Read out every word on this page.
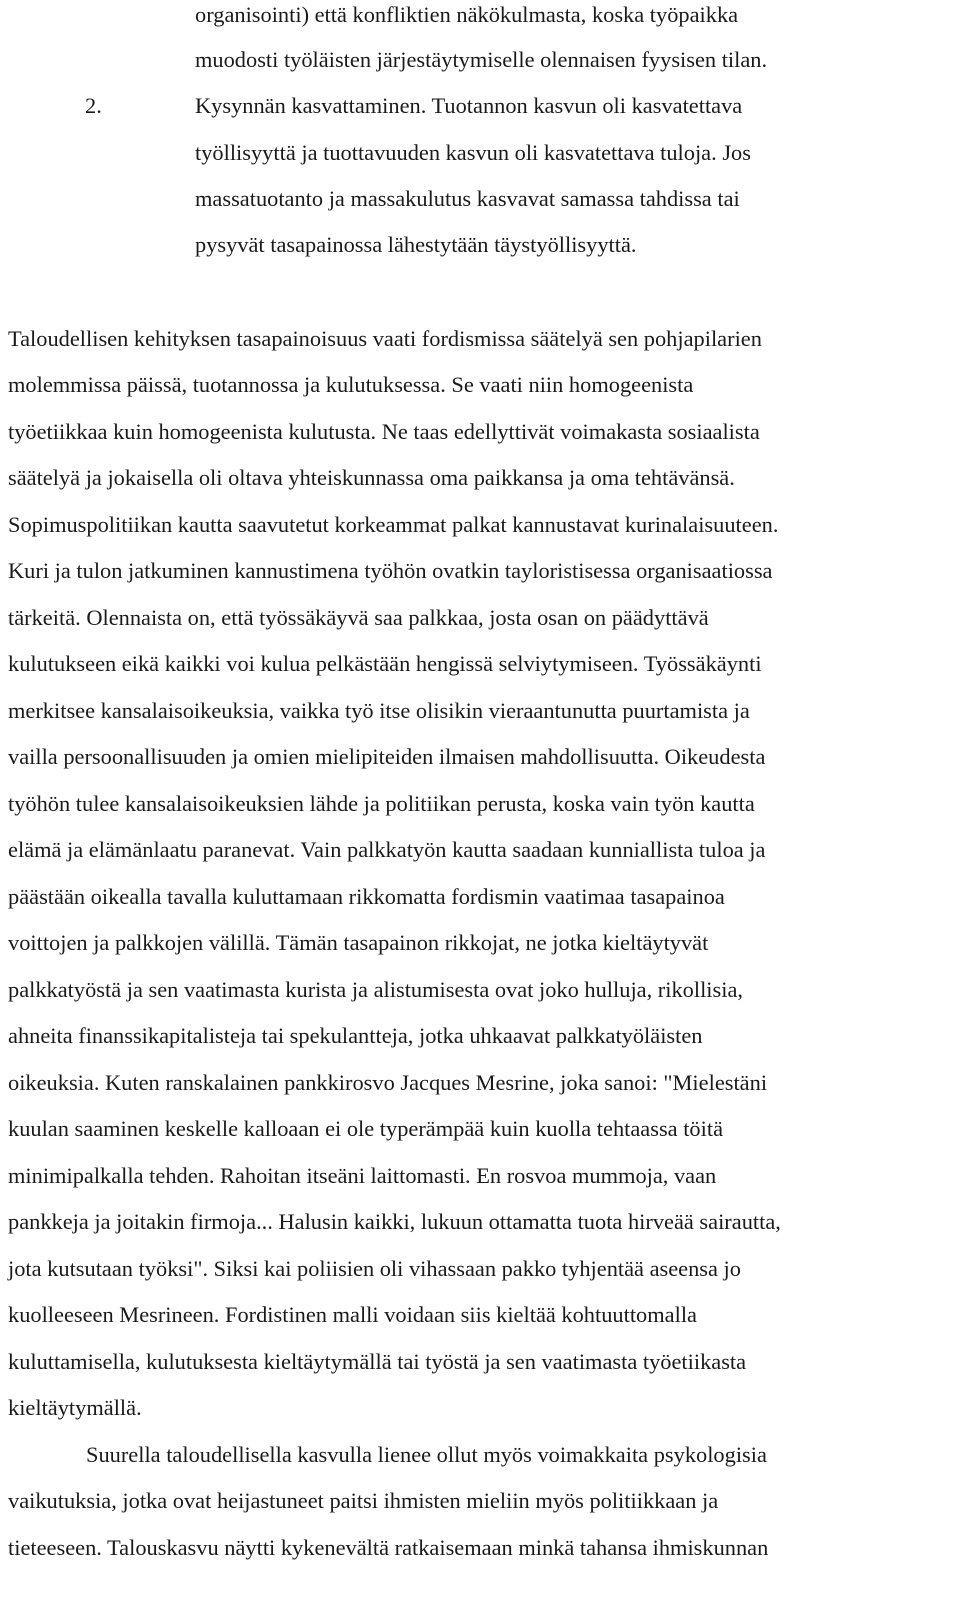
organisointi) että konfliktien näkökulmasta, koska työpaikka
muodosti työläisten järjestäytymiselle olennaisen fyysisen tilan.
2.	Kysynnän kasvattaminen. Tuotannon kasvun oli kasvatettava
työllisyyttä ja tuottavuuden kasvun oli kasvatettava tuloja. Jos
massatuotanto ja massakulutus kasvavat samassa tahdissa tai
pysyvät tasapainossa lähestytään täystyöllisyyttä.
Taloudellisen kehityksen tasapainoisuus vaati fordismissa säätelyä sen pohjapilarien
molemmissa päissä, tuotannossa ja kulutuksessa. Se vaati niin homogeenista
työetiikkaa kuin homogeenista kulutusta. Ne taas edellyttivät voimakasta sosiaalista
säätelyä ja jokaisella oli oltava yhteiskunnassa oma paikkansa ja oma tehtävänsä.
Sopimuspolitiikan kautta saavutetut korkeammat palkat kannustavat kurinalaisuuteen.
Kuri ja tulon jatkuminen kannustimena työhön ovatkin tayloristisessa organisaatiossa
tärkeitä. Olennaista on, että työssäkäyvä saa palkkaa, josta osan on päädyttävä
kulutukseen eikä kaikki voi kulua pelkästään hengissä selviytymiseen. Työssäkäynti
merkitsee kansalaisoikeuksia, vaikka työ itse olisikin vieraantunutta puurtamista ja
vailla persoonallisuuden ja omien mielipiteiden ilmaisen mahdollisuutta. Oikeudesta
työhön tulee kansalaisoikeuksien lähde ja politiikan perusta, koska vain työn kautta
elämä ja elämänlaatu paranevat. Vain palkkatyön kautta saadaan kunniallista tuloa ja
päästään oikealla tavalla kuluttamaan rikkomatta fordismin vaatimaa tasapainoa
voittojen ja palkkojen välillä. Tämän tasapainon rikkojat, ne jotka kieltäytyvät
palkkatyöstä ja sen vaatimasta kurista ja alistumisesta ovat joko hulluja, rikollisia,
ahneita finanssikapitalisteja tai spekulantteja, jotka uhkaavat palkkatyöläisten
oikeuksia. Kuten ranskalainen pankkirosvo Jacques Mesrine, joka sanoi: "Mielestäni
kuulan saaminen keskelle kalloaan ei ole typerämpää kuin kuolla tehtaassa töitä
minimipalkalla tehden. Rahoitan itseäni laittomasti. En rosvoa mummoja, vaan
pankkeja ja joitakin firmoja... Halusin kaikki, lukuun ottamatta tuota hirveää sairautta,
jota kutsutaan työksi". Siksi kai poliisien oli vihassaan pakko tyhjentää aseensa jo
kuolleeseen Mesrineen. Fordistinen malli voidaan siis kieltää kohtuuttomalla
kuluttamisella, kulutuksesta kieltäytymällä tai työstä ja sen vaatimasta työetiikasta
kieltäytymällä.
Suurella taloudellisella kasvulla lienee ollut myös voimakkaita psykologisia
vaikutuksia, jotka ovat heijastuneet paitsi ihmisten mieliin myös politiikkaan ja
tieteeseen. Talouskasvu näytti kykenevältä ratkaisemaan minkä tahansa ihmiskunnan
